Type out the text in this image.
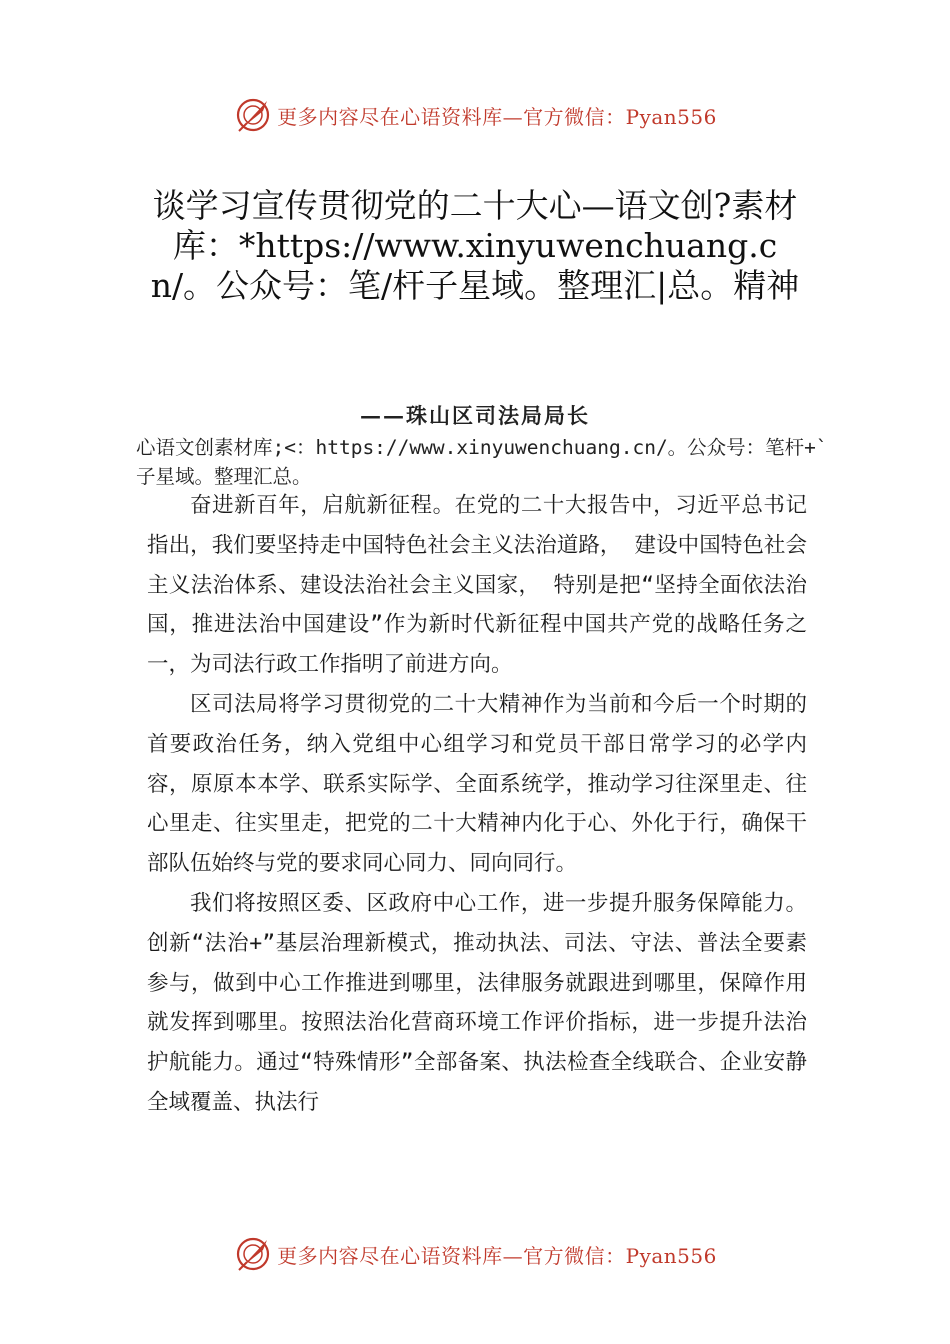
更多内容尽在心语资料库—官方微信：Pyan556
谈学习宣传贯彻党的二十大心—语文创?素材库：*https://www.xinyuwenchuang.cn/。公众号：笔/杆子星域。整理汇|总。精神
——珠山区司法局局长
心语文创素材库;<：https://www.xinyuwenchuang.cn/。公众号：笔杆+`子星域。整理汇总。

奋进新百年，启航新征程。在党的二十大报告中，习近平总书记指出，我们要坚持走中国特色社会主义法治道路， 建设中国特色社会主义法治体系、建设法治社会主义国家， 特别是把“坚持全面依法治国，推进法治中国建设”作为新时代新征程中国共产党的战略任务之一，为司法行政工作指明了前进方向。

区司法局将学习贯彻党的二十大精神作为当前和今后一个时期的首要政治任务，纳入党组中心组学习和党员干部日常学习的必学内容，原原本本学、联系实际学、全面系统学，推动学习往深里走、往心里走、往实里走，把党的二十大精神内化于心、外化于行，确保干部队伍始终与党的要求同心同力、同向同行。

我们将按照区委、区政府中心工作，进一步提升服务保障能力。创新“法治+”基层治理新模式，推动执法、司法、守法、普法全要素参与，做到中心工作推进到哪里，法律服务就跟进到哪里，保障作用就发挥到哪里。按照法治化营商环境工作评价指标，进一步提升法治护航能力。通过“特殊情形”全部备案、执法检查全线联合、企业安静全域覆盖、执法行

更多内容尽在心语资料库—官方微信：Pyan556
